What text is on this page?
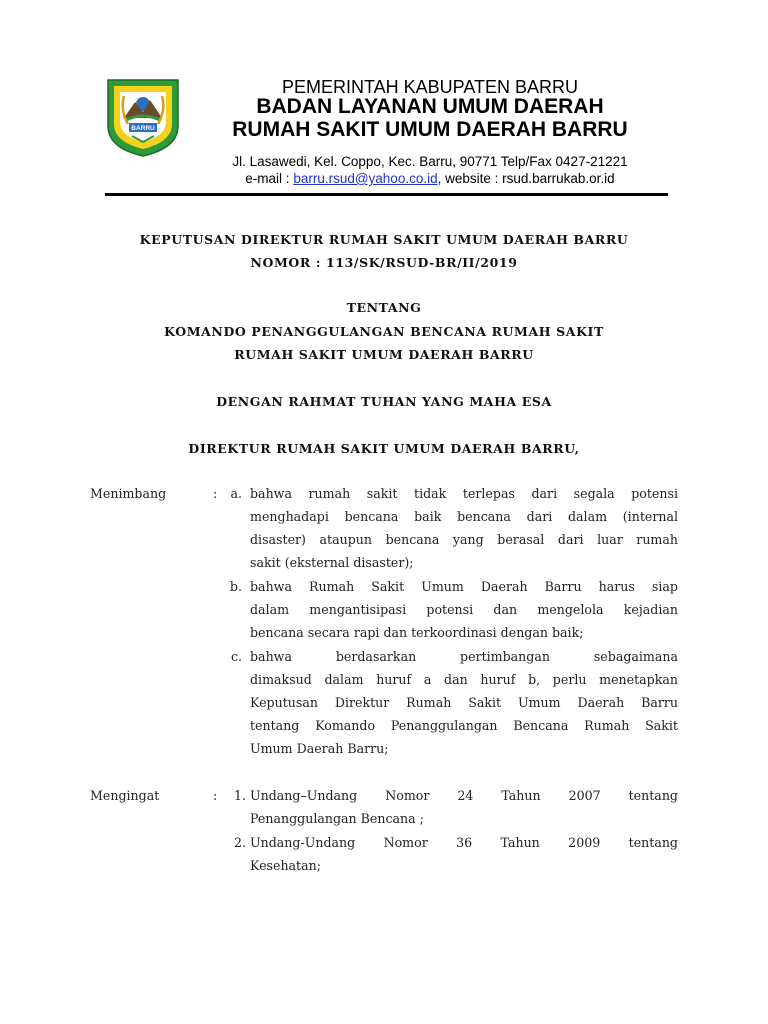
BARRU
PEMERINTAH KABUPATEN BARRU
BADAN LAYANAN UMUM DAERAH
RUMAH SAKIT UMUM DAERAH BARRU
Jl. Lasawedi, Kel. Coppo, Kec. Barru, 90771 Telp/Fax 0427-21221
e-mail : barru.rsud@yahoo.co.id, website : rsud.barrukab.or.id
KEPUTUSAN DIREKTUR RUMAH SAKIT UMUM DAERAH BARRU
NOMOR : 113/SK/RSUD-BR/II/2019
TENTANG
KOMANDO PENANGGULANGAN BENCANA RUMAH SAKIT
RUMAH SAKIT UMUM DAERAH BARRU
DENGAN RAHMAT TUHAN YANG MAHA ESA
DIREKTUR RUMAH SAKIT UMUM DAERAH BARRU,
Menimbang	:	a. bahwa rumah sakit tidak terlepas dari segala potensi
menghadapi bencana baik bencana dari dalam (internal
disaster) ataupun bencana yang berasal dari luar rumah
sakit (eksternal disaster);
b. bahwa Rumah Sakit Umum Daerah Barru harus siap
dalam mengantisipasi potensi dan mengelola kejadian
bencana secara rapi dan terkoordinasi dengan baik;
c. bahwa berdasarkan pertimbangan sebagaimana
dimaksud dalam huruf a dan huruf b, perlu menetapkan
Keputusan Direktur Rumah Sakit Umum Daerah Barru
tentang Komando Penanggulangan Bencana Rumah Sakit
Umum Daerah Barru;
Mengingat	:	1. Undang–Undang Nomor 24 Tahun 2007 tentang
Penanggulangan Bencana ;
2. Undang-Undang Nomor 36 Tahun 2009 tentang
Kesehatan;
